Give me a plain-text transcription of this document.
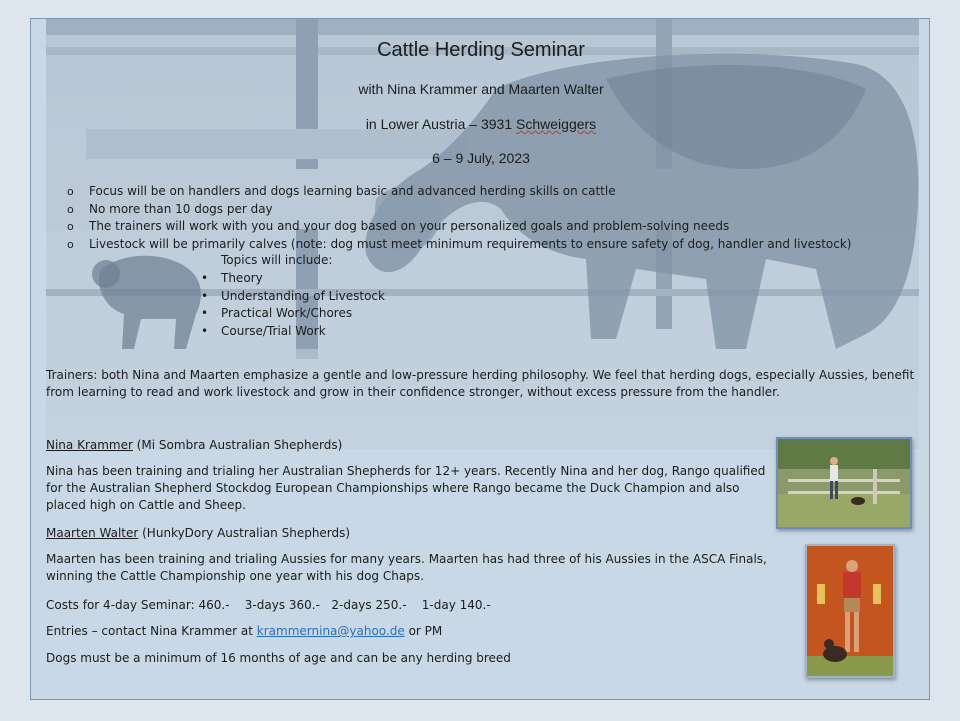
Cattle Herding Seminar
with Nina Krammer and Maarten Walter
in Lower Austria – 3931 Schweiggers
6 – 9 July, 2023
o Focus will be on handlers and dogs learning basic and advanced herding skills on cattle
o No more than 10 dogs per day
o The trainers will work with you and your dog based on your personalized goals and problem-solving needs
o Livestock will be primarily calves (note: dog must meet minimum requirements to ensure safety of dog, handler and livestock)
Topics will include:
• Theory
• Understanding of Livestock
• Practical Work/Chores
• Course/Trial Work
Trainers: both Nina and Maarten emphasize a gentle and low-pressure herding philosophy. We feel that herding dogs, especially Aussies, benefit from learning to read and work livestock and grow in their confidence stronger, without excess pressure from the handler.
Nina Krammer (Mi Sombra Australian Shepherds)
Nina has been training and trialing her Australian Shepherds for 12+ years. Recently Nina and her dog, Rango qualified for the Australian Shepherd Stockdog European Championships where Rango became the Duck Champion and also placed high on Cattle and Sheep.
Maarten Walter (HunkyDory Australian Shepherds)
Maarten has been training and trialing Aussies for many years. Maarten has had three of his Aussies in the ASCA Finals, winning the Cattle Championship one year with his dog Chaps.
Costs for 4-day Seminar: 460.-    3-days 360.-   2-days 250.-    1-day 140.-
Entries – contact Nina Krammer at krammernina@yahoo.de or PM
Dogs must be a minimum of 16 months of age and can be any herding breed
